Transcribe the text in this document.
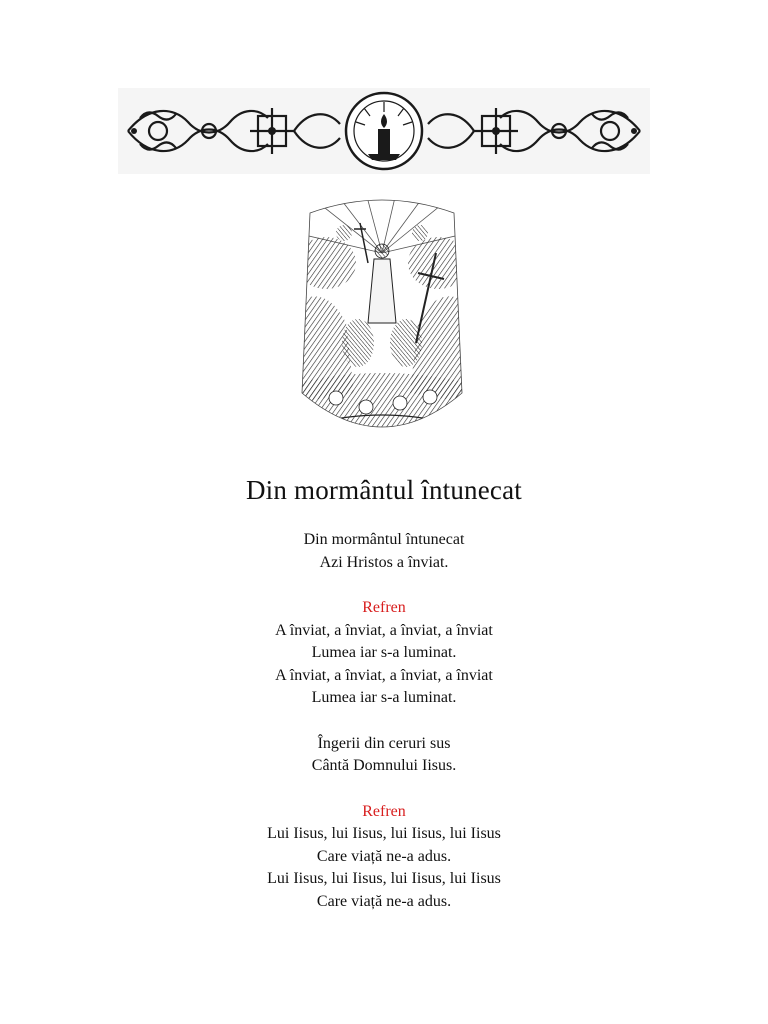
Din mormântul întunecat
Din mormântul întunecat
Azi Hristos a înviat.
Refren
A înviat, a înviat, a înviat, a înviat
Lumea iar s-a luminat.
A înviat, a înviat, a înviat, a înviat
Lumea iar s-a luminat.
Îngerii din ceruri sus
Cântă Domnului Iisus.
Refren
Lui Iisus, lui Iisus, lui Iisus, lui Iisus
Care viață ne-a adus.
Lui Iisus, lui Iisus, lui Iisus, lui Iisus
Care viață ne-a adus.
